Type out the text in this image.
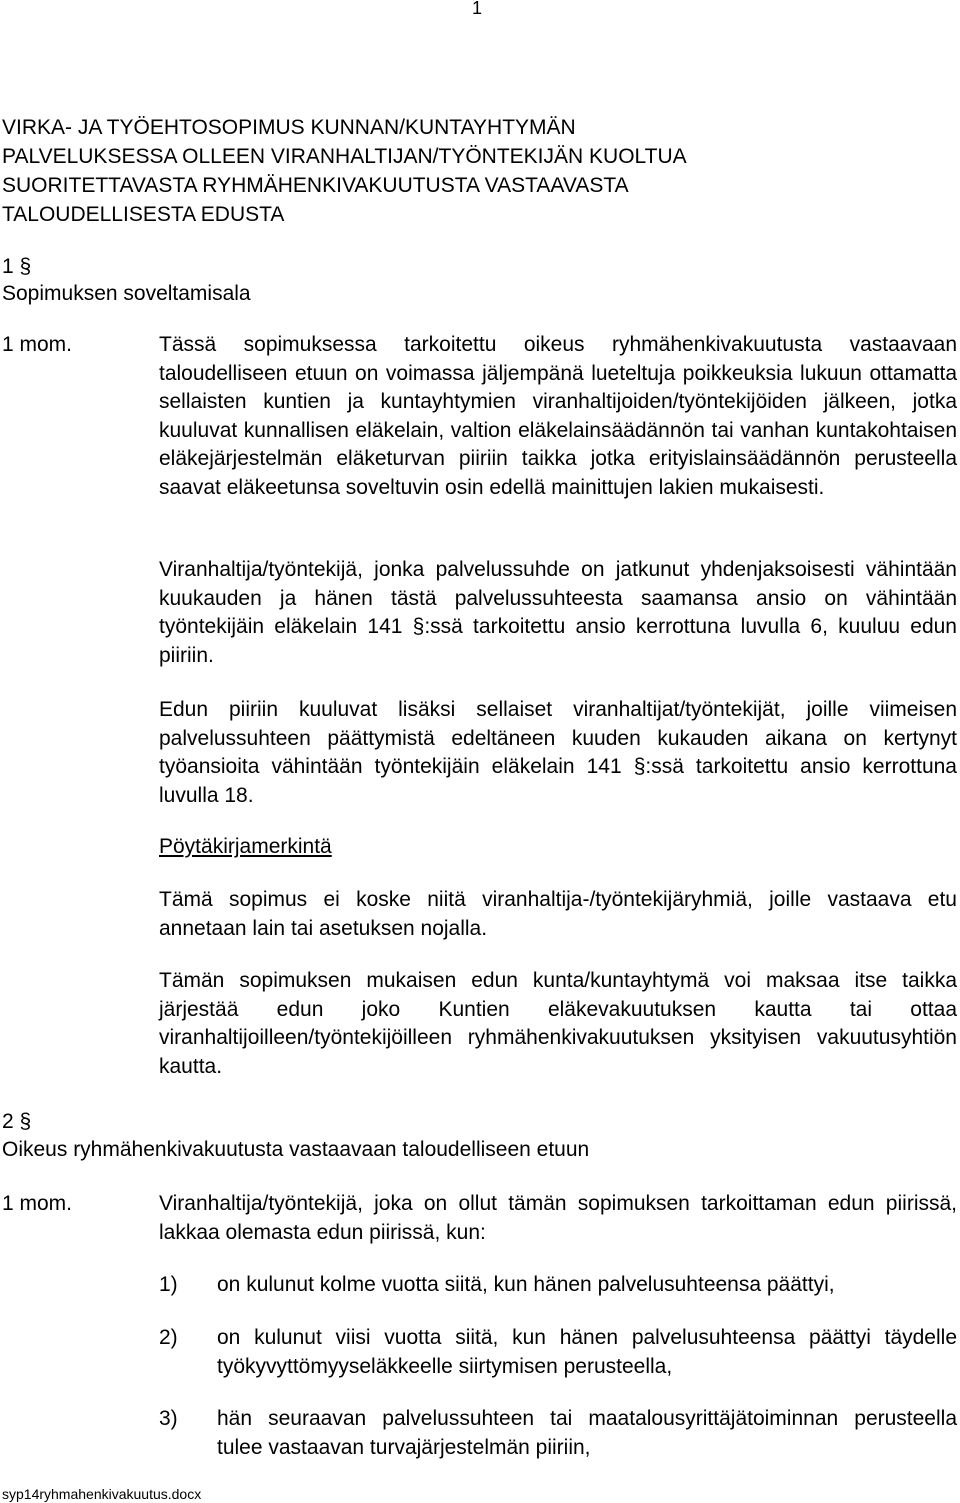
1
VIRKA- JA TYÖEHTOSOPIMUS KUNNAN/KUNTAYHTYMÄN
PALVELUKSESSA OLLEEN VIRANHALTIJAN/TYÖNTEKIJÄN KUOLTUA
SUORITETTAVASTA RYHMÄHENKIVAKUUTUSTA VASTAAVASTA
TALOUDELLISESTA EDUSTA
1 §
Sopimuksen soveltamisala
1 mom.	Tässä sopimuksessa tarkoitettu oikeus ryhmähenkivakuutusta vastaavaan taloudelliseen etuun on voimassa jäljempänä lueteltuja poikkeuksia lukuun ottamatta sellaisten kuntien ja kuntayhtymien viranhaltijoiden/työntekijöiden jälkeen, jotka kuuluvat kunnallisen eläkelain, valtion eläkelainsäädännön tai vanhan kuntakohtaisen eläkejärjestelmän eläketurvan piiriin taikka jotka erityislainsäädännön perusteella saavat eläkeetunsa soveltuvin osin edellä mainittujen lakien mukaisesti.

Viranhaltija/työntekijä, jonka palvelussuhde on jatkunut yhdenjaksoisesti vähintään kuukauden ja hänen tästä palvelussuhteesta saamansa ansio on vähintään työntekijäin eläkelain 141 §:ssä tarkoitettu ansio kerrottuna luvulla 6, kuuluu edun piiriin.

Edun piiriin kuuluvat lisäksi sellaiset viranhaltijat/työntekijät, joille viimeisen palvelussuhteen päättymistä edeltäneen kuuden kukauden aikana on kertynyt työansioita vähintään työntekijäin eläkelain 141 §:ssä tarkoitettu ansio kerrottuna luvulla 18.

Pöytäkirjamerkintä

Tämä sopimus ei koske niitä viranhaltija-/työntekijäryhmiä, joille vastaava etu annetaan lain tai asetuksen nojalla.

Tämän sopimuksen mukaisen edun kunta/kuntayhtymä voi maksaa itse taikka järjestää edun joko Kuntien eläkevakuutuksen kautta tai ottaa viranhaltijoilleen/työntekijöilleen ryhmähenkivakuutuksen yksityisen vakuutusyhtiön kautta.

2 §
Oikeus ryhmähenkivakuutusta vastaavaan taloudelliseen etuun
1 mom.	Viranhaltija/työntekijä, joka on ollut tämän sopimuksen tarkoittaman edun piirissä, lakkaa olemasta edun piirissä, kun:

1) on kulunut kolme vuotta siitä, kun hänen palvelusuhteensa päättyi,

2) on kulunut viisi vuotta siitä, kun hänen palvelusuhteensa päättyi täydelle työkyvyttömyyseläkkeelle siirtymisen perusteella,

3) hän seuraavan palvelussuhteen tai maatalousyrittäjätoiminnan perusteella tulee vastaavan turvajärjestelmän piiriin,

syp14ryhmahenkivakuutus.docx
